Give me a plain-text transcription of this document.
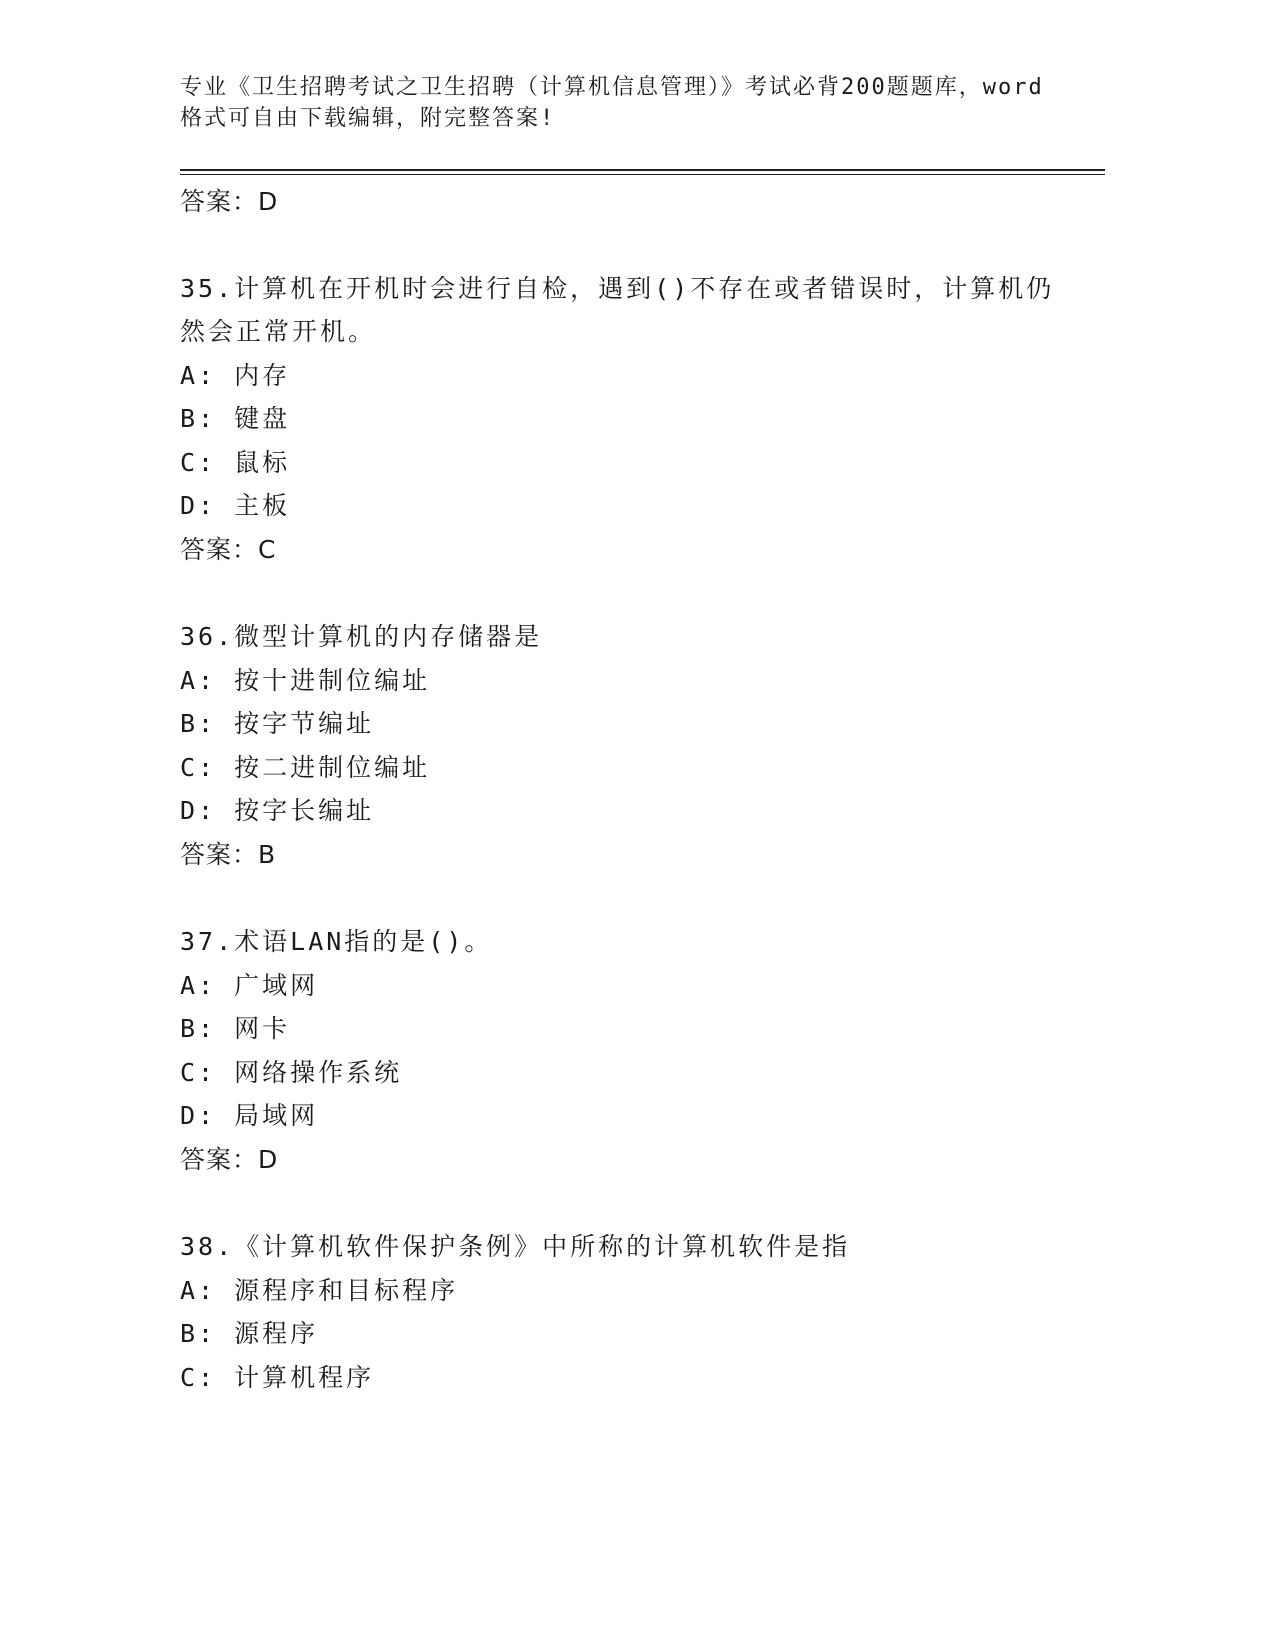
专业《卫生招聘考试之卫生招聘（计算机信息管理）》考试必背200题题库，word
格式可自由下载编辑，附完整答案!
答案：D
35.计算机在开机时会进行自检，遇到()不存在或者错误时，计算机仍
然会正常开机。
A: 内存
B: 键盘
C: 鼠标
D: 主板
答案：C
36.微型计算机的内存储器是
A: 按十进制位编址
B: 按字节编址
C: 按二进制位编址
D: 按字长编址
答案：B
37.术语LAN指的是()。
A: 广域网
B: 网卡
C: 网络操作系统
D: 局域网
答案：D
38.《计算机软件保护条例》中所称的计算机软件是指
A: 源程序和目标程序
B: 源程序
C: 计算机程序
